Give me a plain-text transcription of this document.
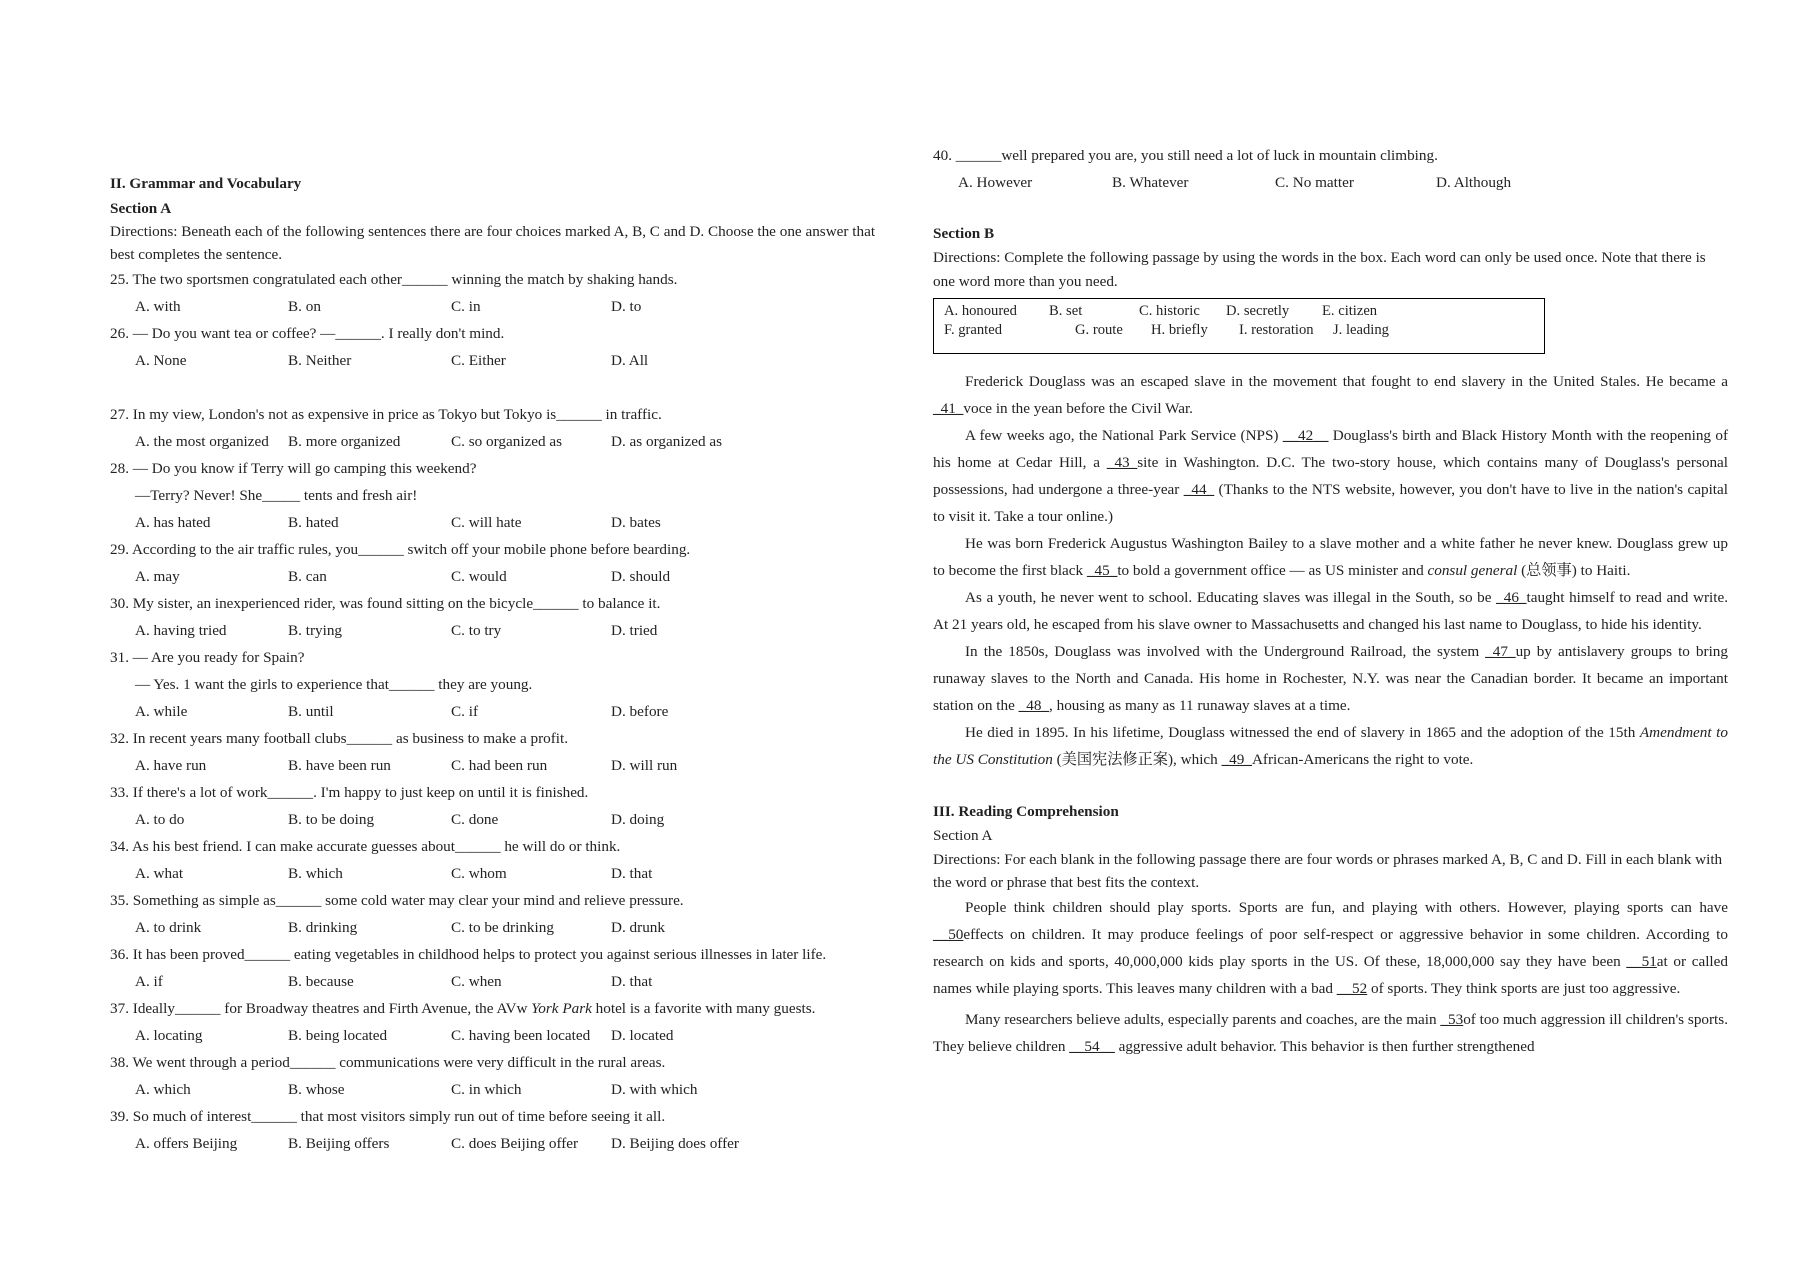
II. Grammar and Vocabulary
Section A
Directions: Beneath each of the following sentences there are four choices marked A, B, C and D. Choose the one answer that best completes the sentence.
25. The two sportsmen congratulated each other______ winning the match by shaking hands.
A. with	B. on	C. in	D. to
26. — Do you want tea or coffee? —______. I really don't mind.
A. None	B. Neither	C. Either	D. All
27. In my view, London's not as expensive in price as Tokyo but Tokyo is______ in traffic.
A. the most organized	B. more organized	C. so organized as	D. as organized as
28. — Do you know if Terry will go camping this weekend?
—Terry? Never! She_____ tents and fresh air!
A. has hated	B. hated	C. will hate	D. bates
29. According to the air traffic rules, you______ switch off your mobile phone before bearding.
A. may	B. can	C. would	D. should
30. My sister, an inexperienced rider, was found sitting on the bicycle______ to balance it.
A. having tried	B. trying	C. to try	D. tried
31. — Are you ready for Spain?
— Yes. 1 want the girls to experience that______ they are young.
A. while	B. until	C. if	D. before
32. In recent years many football clubs______ as business to make a profit.
A. have run	B. have been run	C. had been run	D. will run
33. If there's a lot of work______. I'm happy to just keep on until it is finished.
A. to do	B. to be doing	C. done	D. doing
34. As his best friend. I can make accurate guesses about______ he will do or think.
A. what	B. which	C. whom	D. that
35. Something as simple as______ some cold water may clear your mind and relieve pressure.
A. to drink	B. drinking	C. to be drinking	D. drunk
36. It has been proved______ eating vegetables in childhood helps to protect you against serious illnesses in later life.
A. if	B. because	C. when	D. that
37. Ideally______ for Broadway theatres and Firth Avenue, the AVw York Park hotel is a favorite with many guests.
A. locating	B. being located	C. having been located	D. located
38. We went through a period______ communications were very difficult in the rural areas.
A. which	B. whose	C. in which	D. with which
39. So much of interest______ that most visitors simply run out of time before seeing it all.
A. offers Beijing	B. Beijing offers	C. does Beijing offer	D. Beijing does offer
40. ______well prepared you are, you still need a lot of luck in mountain climbing.
A. However	B. Whatever	C. No matter	D. Although
Section B
Directions: Complete the following passage by using the words in the box. Each word can only be used once. Note that there is one word more than you need.
A. honoured B. set	C. historic D. secretly E. citizen
F. granted	G. route H. briefly I. restoration J. leading

Frederick Douglass was an escaped slave in the movement that fought to end slavery in the United Stales. He became a _41_voce in the yean before the Civil War.

A few weeks ago, the National Park Service (NPS) __42__ Douglass's birth and Black History Month with the reopening of his home at Cedar Hill, a _43_site in Washington. D.C. The two-story house, which contains many of Douglass's personal possessions, had undergone a three-year _44_ (Thanks to the NTS website, however, you don't have to live in the nation's capital to visit it. Take a tour online.)

He was born Frederick Augustus Washington Bailey to a slave mother and a white father he never knew. Douglass grew up to become the first black _45_to bold a government office — as US minister and consul general (总领事) to Haiti.

As a youth, he never went to school. Educating slaves was illegal in the South, so be _46_taught himself to read and write. At 21 years old, he escaped from his slave owner to Massachusetts and changed his last name to Douglass, to hide his identity.

In the 1850s, Douglass was involved with the Underground Railroad, the system _47_up by antislavery groups to bring runaway slaves to the North and Canada. His home in Rochester, N.Y. was near the Canadian border. It became an important station on the _48_, housing as many as 11 runaway slaves at a time.

He died in 1895. In his lifetime, Douglass witnessed the end of slavery in 1865 and the adoption of the 15th Amendment to the US Constitution (美国宪法修正案), which _49_African-Americans the right to vote.

III. Reading Comprehension
Section A
Directions: For each blank in the following passage there are four words or phrases marked A, B, C and D. Fill in each blank with the word or phrase that best fits the context.

People think children should play sports. Sports are fun, and playing with others. However, playing sports can have __50effects on children. It may produce feelings of poor self-respect or aggressive behavior in some children. According to research on kids and sports, 40,000,000 kids play sports in the US. Of these, 18,000,000 say they have been __51at or called names while playing sports. This leaves many children with a bad __52 of sports. They think sports are just too aggressive.

Many researchers believe adults, especially parents and coaches, are the main _53of too much aggression ill children's sports. They believe children __54__ aggressive adult behavior. This behavior is then further strengthened
